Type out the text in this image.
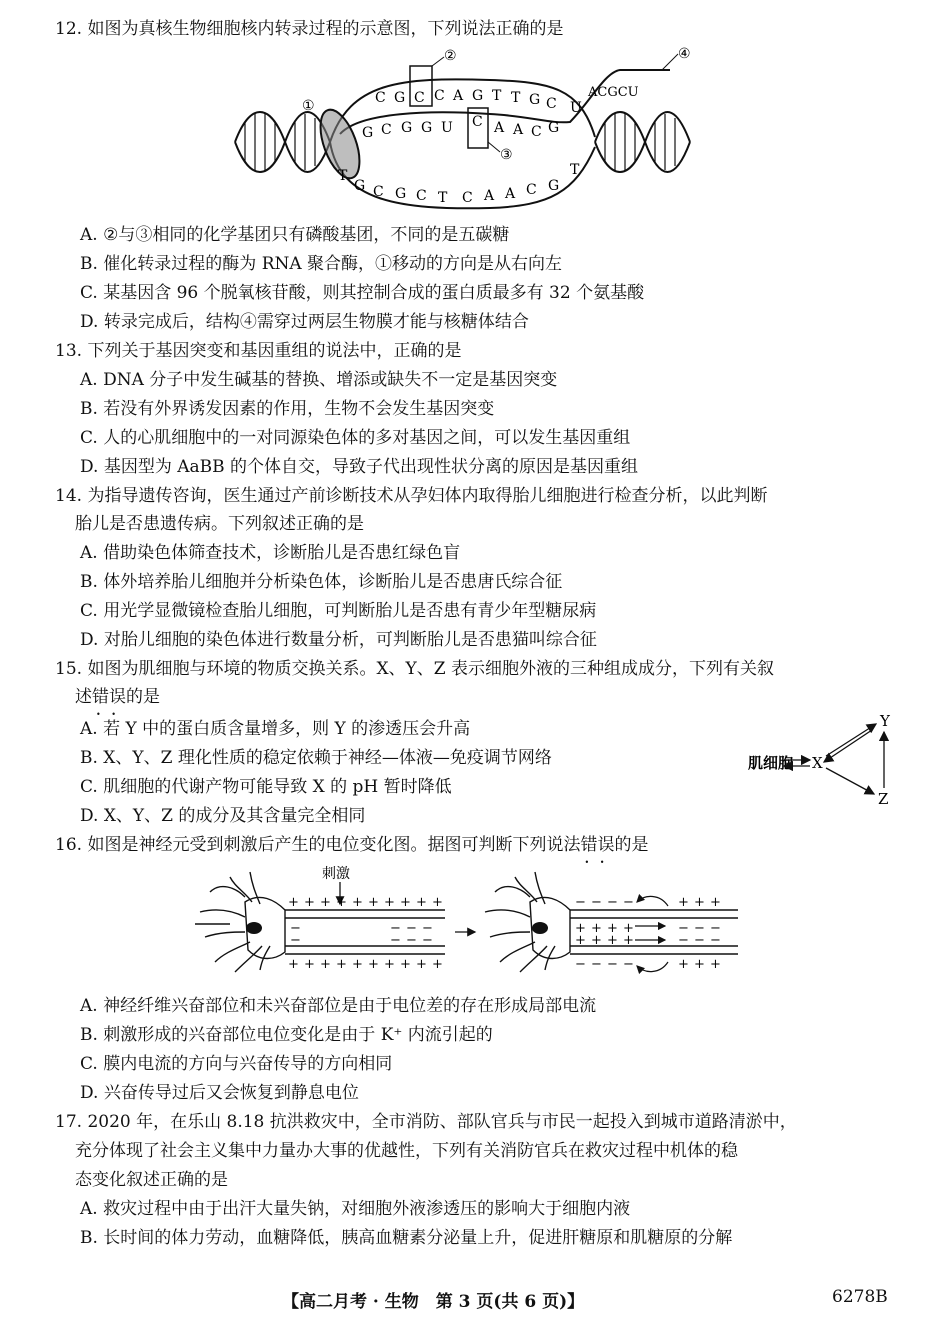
12. 如图为真核生物细胞核内转录过程的示意图，下列说法正确的是
①
②
③
④
ACGCU
C G C C A G T T G C U
G C G G U C A A C G
T
G C G C T C A A C G
T
A. ②与③相同的化学基团只有磷酸基团，不同的是五碳糖
B. 催化转录过程的酶为 RNA 聚合酶，①移动的方向是从右向左
C. 某基因含 96 个脱氧核苷酸，则其控制合成的蛋白质最多有 32 个氨基酸
D. 转录完成后，结构④需穿过两层生物膜才能与核糖体结合
13. 下列关于基因突变和基因重组的说法中，正确的是
A. DNA 分子中发生碱基的替换、增添或缺失不一定是基因突变
B. 若没有外界诱发因素的作用，生物不会发生基因突变
C. 人的心肌细胞中的一对同源染色体的多对基因之间，可以发生基因重组
D. 基因型为 AaBB 的个体自交，导致子代出现性状分离的原因是基因重组
14. 为指导遗传咨询，医生通过产前诊断技术从孕妇体内取得胎儿细胞进行检查分析，以此判断
胎儿是否患遗传病。下列叙述正确的是
A. 借助染色体筛查技术，诊断胎儿是否患红绿色盲
B. 体外培养胎儿细胞并分析染色体，诊断胎儿是否患唐氏综合征
C. 用光学显微镜检查胎儿细胞，可判断胎儿是否患有青少年型糖尿病
D. 对胎儿细胞的染色体进行数量分析，可判断胎儿是否患猫叫综合征
15. 如图为肌细胞与环境的物质交换关系。X、Y、Z 表示细胞外液的三种组成成分，下列有关叙
述错误 • •的是
A. 若 Y 中的蛋白质含量增多，则 Y 的渗透压会升高
B. X、Y、Z 理化性质的稳定依赖于神经—体液—免疫调节网络
C. 肌细胞的代谢产物可能导致 X 的 pH 暂时降低
D. X、Y、Z 的成分及其含量完全相同
肌细胞 X
Y
Z
16. 如图是神经元受到刺激后产生的电位变化图。据图可判断下列说法错误 • •的是
刺激
+ + + + + + + + + +
−	− − −
−	− − −
+ + + + + + + + + +
− − − −	+ + +
+ + + +	− − −
+ + + +	− − −
− − − −	+ + +
A. 神经纤维兴奋部位和未兴奋部位是由于电位差的存在形成局部电流
B. 刺激形成的兴奋部位电位变化是由于 K⁺ 内流引起的
C. 膜内电流的方向与兴奋传导的方向相同
D. 兴奋传导过后又会恢复到静息电位
17. 2020 年，在乐山 8.18 抗洪救灾中，全市消防、部队官兵与市民一起投入到城市道路清淤中，
充分体现了社会主义集中力量办大事的优越性，下列有关消防官兵在救灾过程中机体的稳
态变化叙述正确的是
A. 救灾过程中由于出汗大量失钠，对细胞外液渗透压的影响大于细胞内液
B. 长时间的体力劳动，血糖降低，胰高血糖素分泌量上升，促进肝糖原和肌糖原的分解
【高二月考 · 生物　第 3 页(共 6 页)】	6278B
